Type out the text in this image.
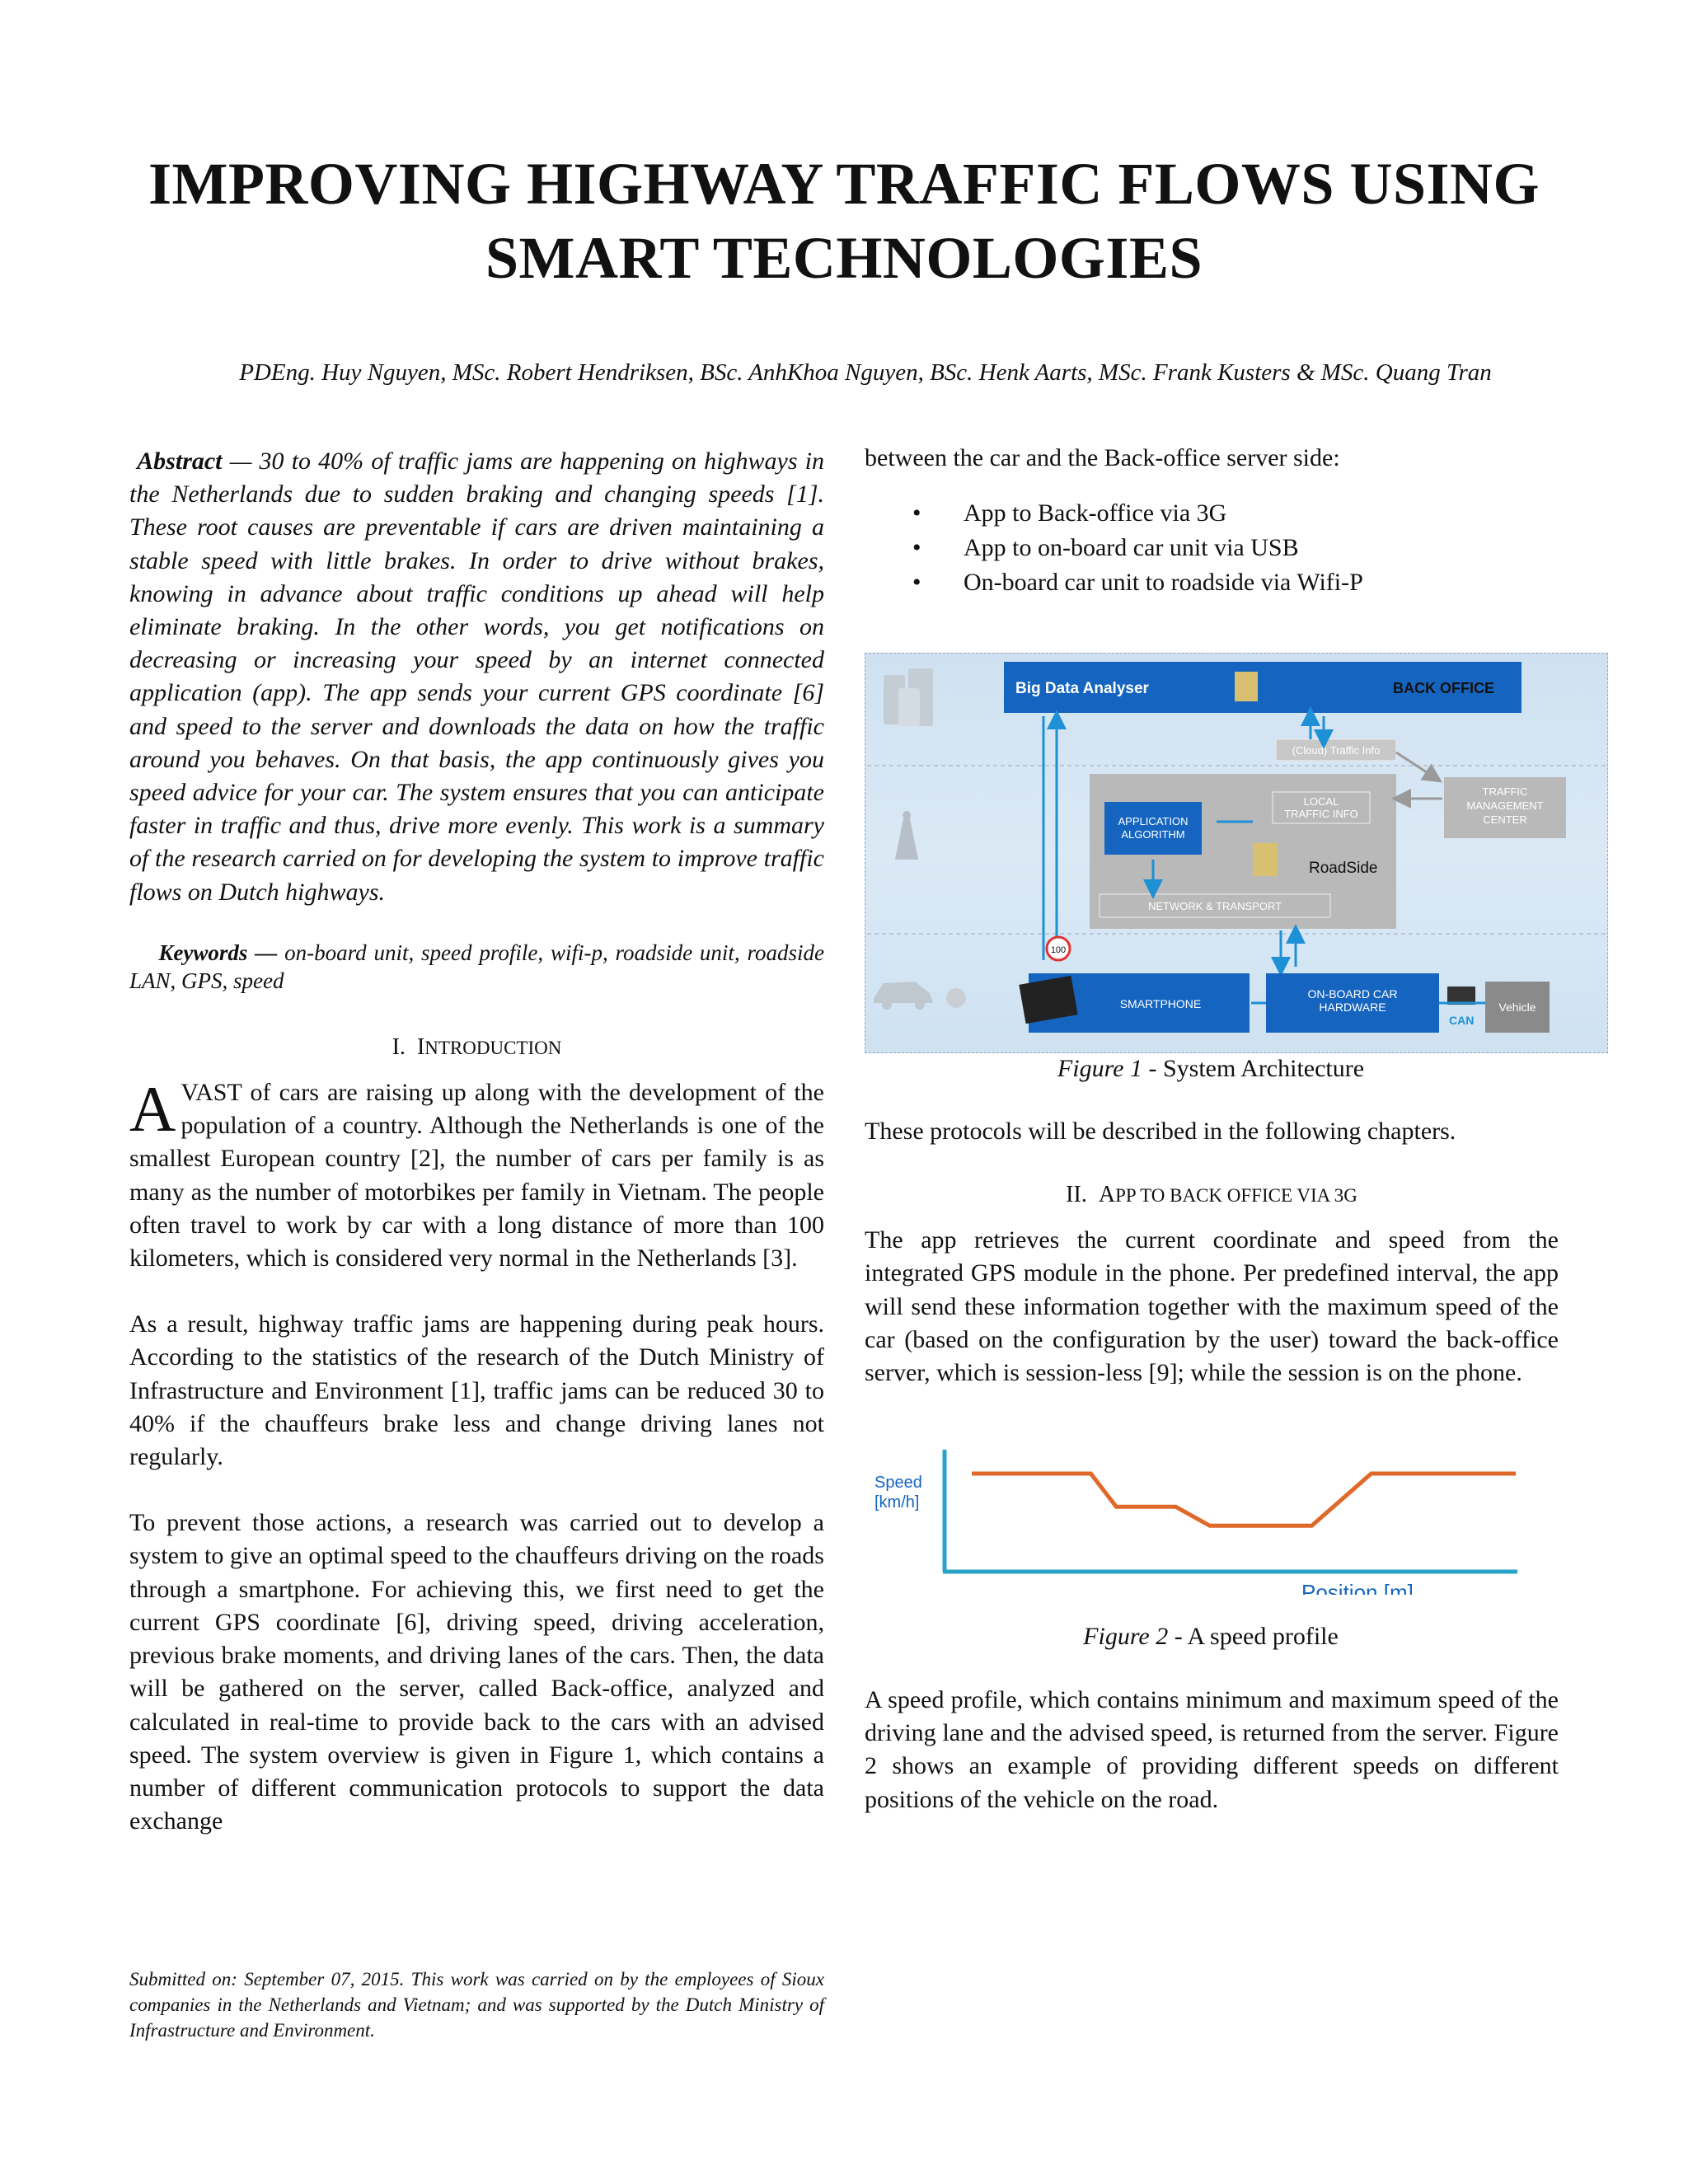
IMPROVING HIGHWAY TRAFFIC FLOWS USING SMART TECHNOLOGIES
PDEng. Huy Nguyen, MSc. Robert Hendriksen, BSc. AnhKhoa Nguyen, BSc. Henk Aarts, MSc. Frank Kusters & MSc. Quang Tran

Abstract — 30 to 40% of traffic jams are happening on highways in the Netherlands due to sudden braking and changing speeds [1]. These root causes are preventable if cars are driven maintaining a stable speed with little brakes. In order to drive without brakes, knowing in advance about traffic conditions up ahead will help eliminate braking. In the other words, you get notifications on decreasing or increasing your speed by an internet connected application (app). The app sends your current GPS coordinate [6] and speed to the server and downloads the data on how the traffic around you behaves. On that basis, the app continuously gives you speed advice for your car. The system ensures that you can anticipate faster in traffic and thus, drive more evenly. This work is a summary of the research carried on for developing the system to improve traffic flows on Dutch highways.

Keywords — on-board unit, speed profile, wifi-p, roadside unit, roadside LAN, GPS, speed

I. INTRODUCTION

AVAST of cars are raising up along with the development of the population of a country. Although the Netherlands is one of the smallest European country [2], the number of cars per family is as many as the number of motorbikes per family in Vietnam. The people often travel to work by car with a long distance of more than 100 kilometers, which is considered very normal in the Netherlands [3].

As a result, highway traffic jams are happening during peak hours. According to the statistics of the research of the Dutch Ministry of Infrastructure and Environment [1], traffic jams can be reduced 30 to 40% if the chauffeurs brake less and change driving lanes not regularly.

To prevent those actions, a research was carried out to develop a system to give an optimal speed to the chauffeurs driving on the roads through a smartphone. For achieving this, we first need to get the current GPS coordinate [6], driving speed, driving acceleration, previous brake moments, and driving lanes of the cars. Then, the data will be gathered on the server, called Back-office, analyzed and calculated in real-time to provide back to the cars with an advised speed. The system overview is given in Figure 1, which contains a number of different communication protocols to support the data exchange

Submitted on: September 07, 2015. This work was carried on by the employees of Sioux companies in the Netherlands and Vietnam; and was supported by the Dutch Ministry of Infrastructure and Environment.

between the car and the Back-office server side:

• App to Back-office via 3G
• App to on-board car unit via USB
• On-board car unit to roadside via Wifi-P
Big Data Analyser	BACK OFFICE
(Cloud) Traffic Info
APPLICATION
ALGORITHM
LOCAL
TRAFFIC INFO
RoadSide
NETWORK & TRANSPORT
TRAFFIC
MANAGEMENT
CENTER
100
SMARTPHONE
ON-BOARD CAR
HARDWARE
CAN
Vehicle
Figure 1 - System Architecture
These protocols will be described in the following chapters.
II. APP TO BACK OFFICE VIA 3G

The app retrieves the current coordinate and speed from the integrated GPS module in the phone. Per predefined interval, the app will send these information together with the maximum speed of the car (based on the configuration by the user) toward the back-office server, which is session-less [9]; while the session is on the phone.

Speed
[km/h]
Position [m]
Figure 2 - A speed profile
A speed profile, which contains minimum and maximum speed of the driving lane and the advised speed, is returned from the server. Figure 2 shows an example of providing different speeds on different positions of the vehicle on the road.
